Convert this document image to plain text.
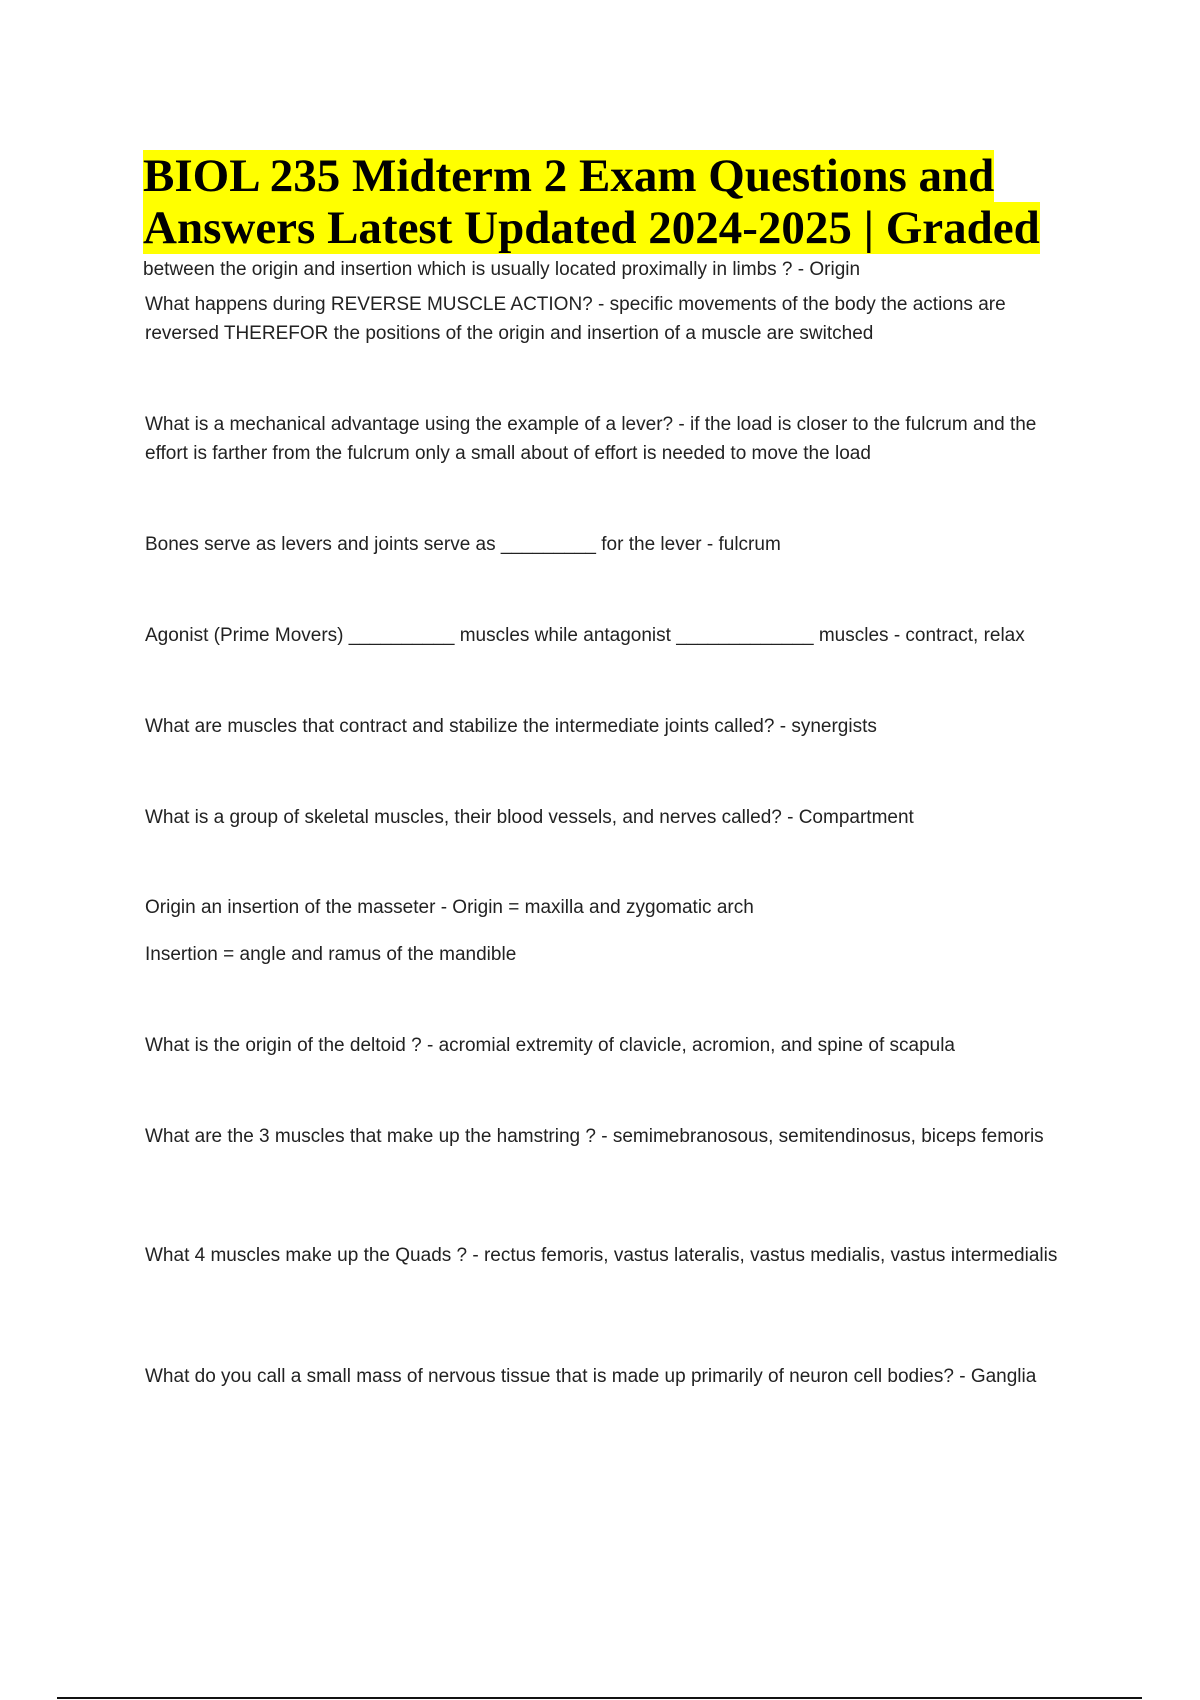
BIOL 235 Midterm 2 Exam Questions and Answers Latest Updated 2024-2025 | Graded

between the origin and insertion which is usually located proximally in limbs ? - Origin

What happens during REVERSE MUSCLE ACTION? - specific movements of the body the actions are reversed THEREFOR the positions of the origin and insertion of a muscle are switched

What is a mechanical advantage using the example of a lever? - if the load is closer to the fulcrum and the effort is farther from the fulcrum only a small about of effort is needed to move the load

Bones serve as levers and joints serve as _________ for the lever - fulcrum

Agonist (Prime Movers) __________ muscles while antagonist _____________ muscles - contract, relax

What are muscles that contract and stabilize the intermediate joints called? - synergists

What is a group of skeletal muscles, their blood vessels, and nerves called? - Compartment

Origin an insertion of the masseter - Origin = maxilla and zygomatic arch

Insertion = angle and ramus of the mandible

What is the origin of the deltoid ? - acromial extremity of clavicle, acromion, and spine of scapula

What are the 3 muscles that make up the hamstring ? - semimebranosous, semitendinosus, biceps femoris

What 4 muscles make up the Quads ? - rectus femoris, vastus lateralis, vastus medialis, vastus intermedialis

What do you call a small mass of nervous tissue that is made up primarily of neuron cell bodies? - Ganglia
